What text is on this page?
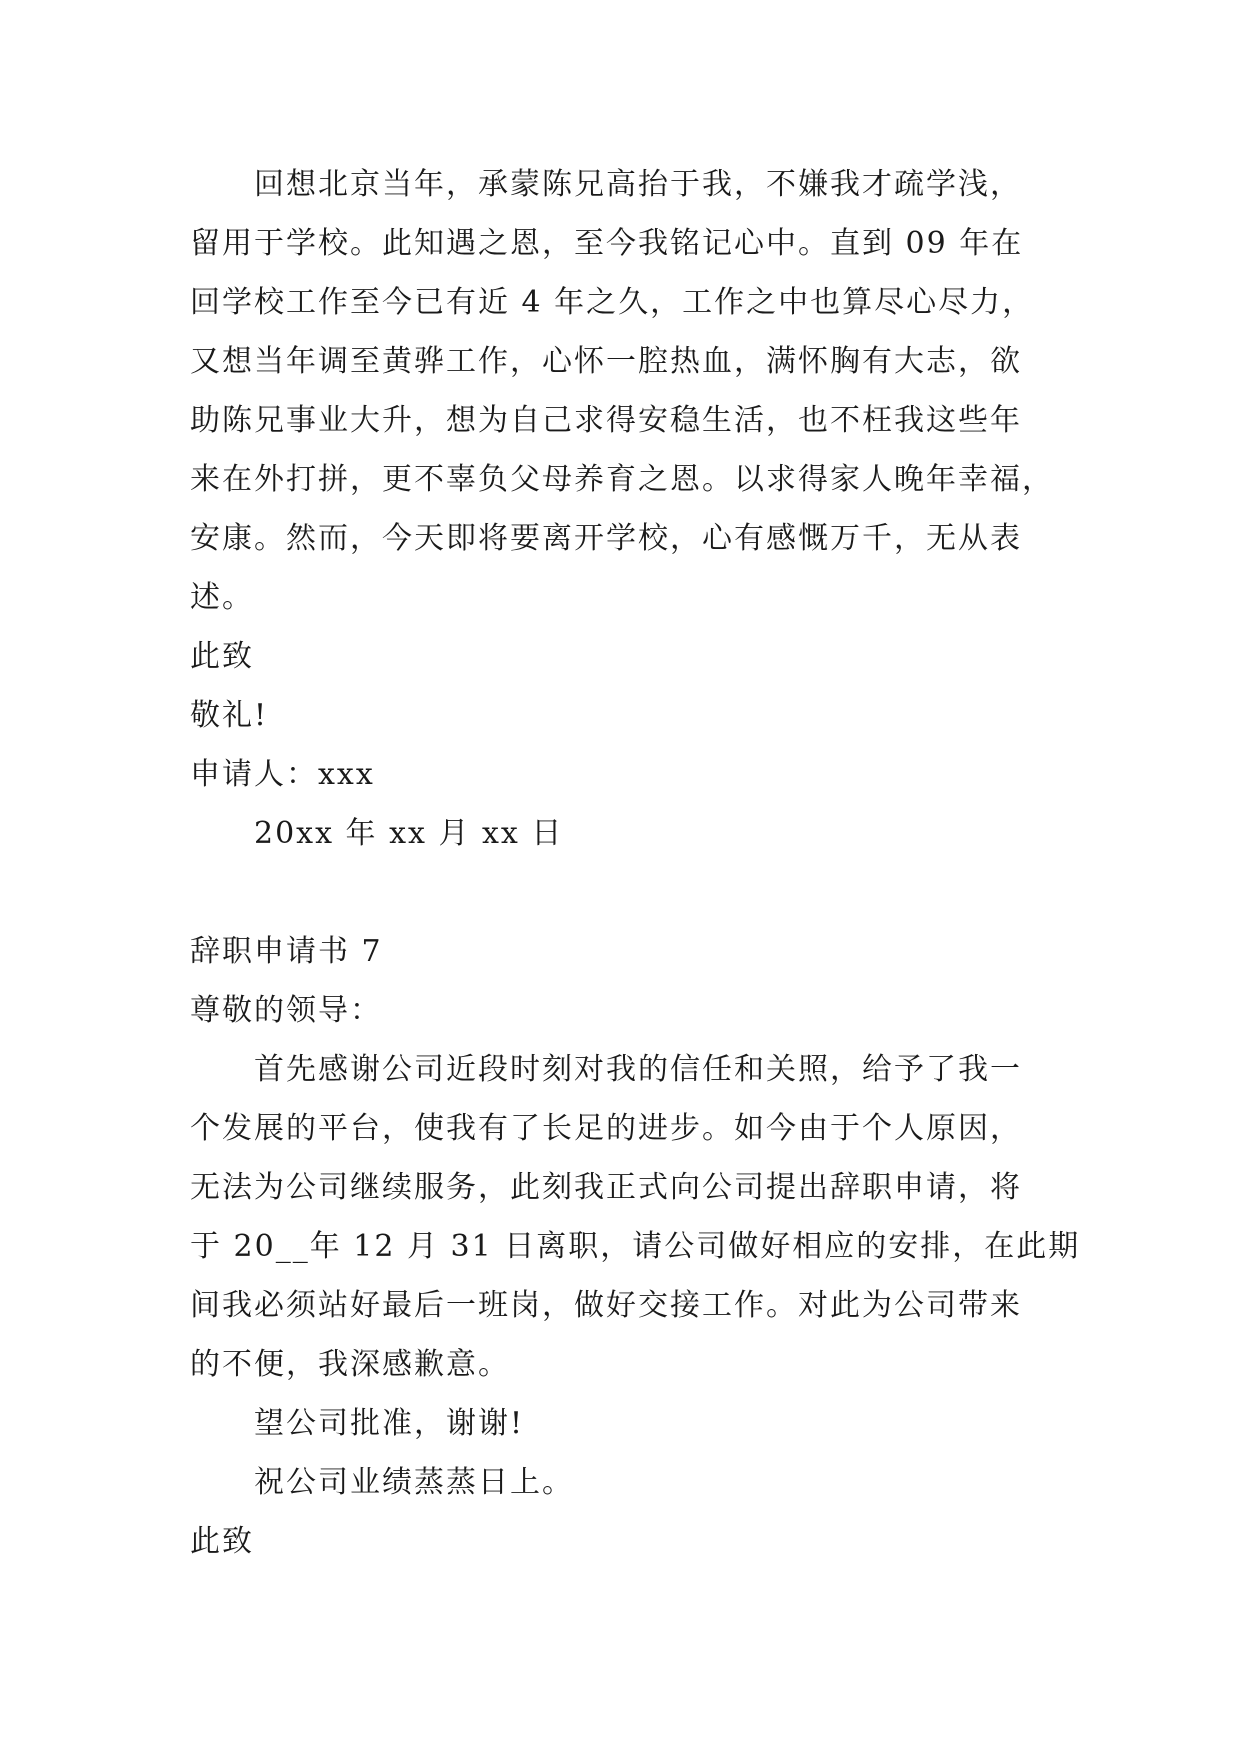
回想北京当年，承蒙陈兄高抬于我，不嫌我才疏学浅，
留用于学校。此知遇之恩，至今我铭记心中。直到 09 年在
回学校工作至今已有近 4 年之久，工作之中也算尽心尽力，
又想当年调至黄骅工作，心怀一腔热血，满怀胸有大志，欲
助陈兄事业大升，想为自己求得安稳生活，也不枉我这些年
来在外打拼，更不辜负父母养育之恩。以求得家人晚年幸福，
安康。然而，今天即将要离开学校，心有感慨万千，无从表
述。
此致
敬礼!
申请人：xxx
20xx 年 xx 月 xx 日
辞职申请书 7
尊敬的领导：
首先感谢公司近段时刻对我的信任和关照，给予了我一
个发展的平台，使我有了长足的进步。如今由于个人原因，
无法为公司继续服务，此刻我正式向公司提出辞职申请，将
于 20__年 12 月 31 日离职，请公司做好相应的安排，在此期
间我必须站好最后一班岗，做好交接工作。对此为公司带来
的不便，我深感歉意。
望公司批准，谢谢!
祝公司业绩蒸蒸日上。
此致
